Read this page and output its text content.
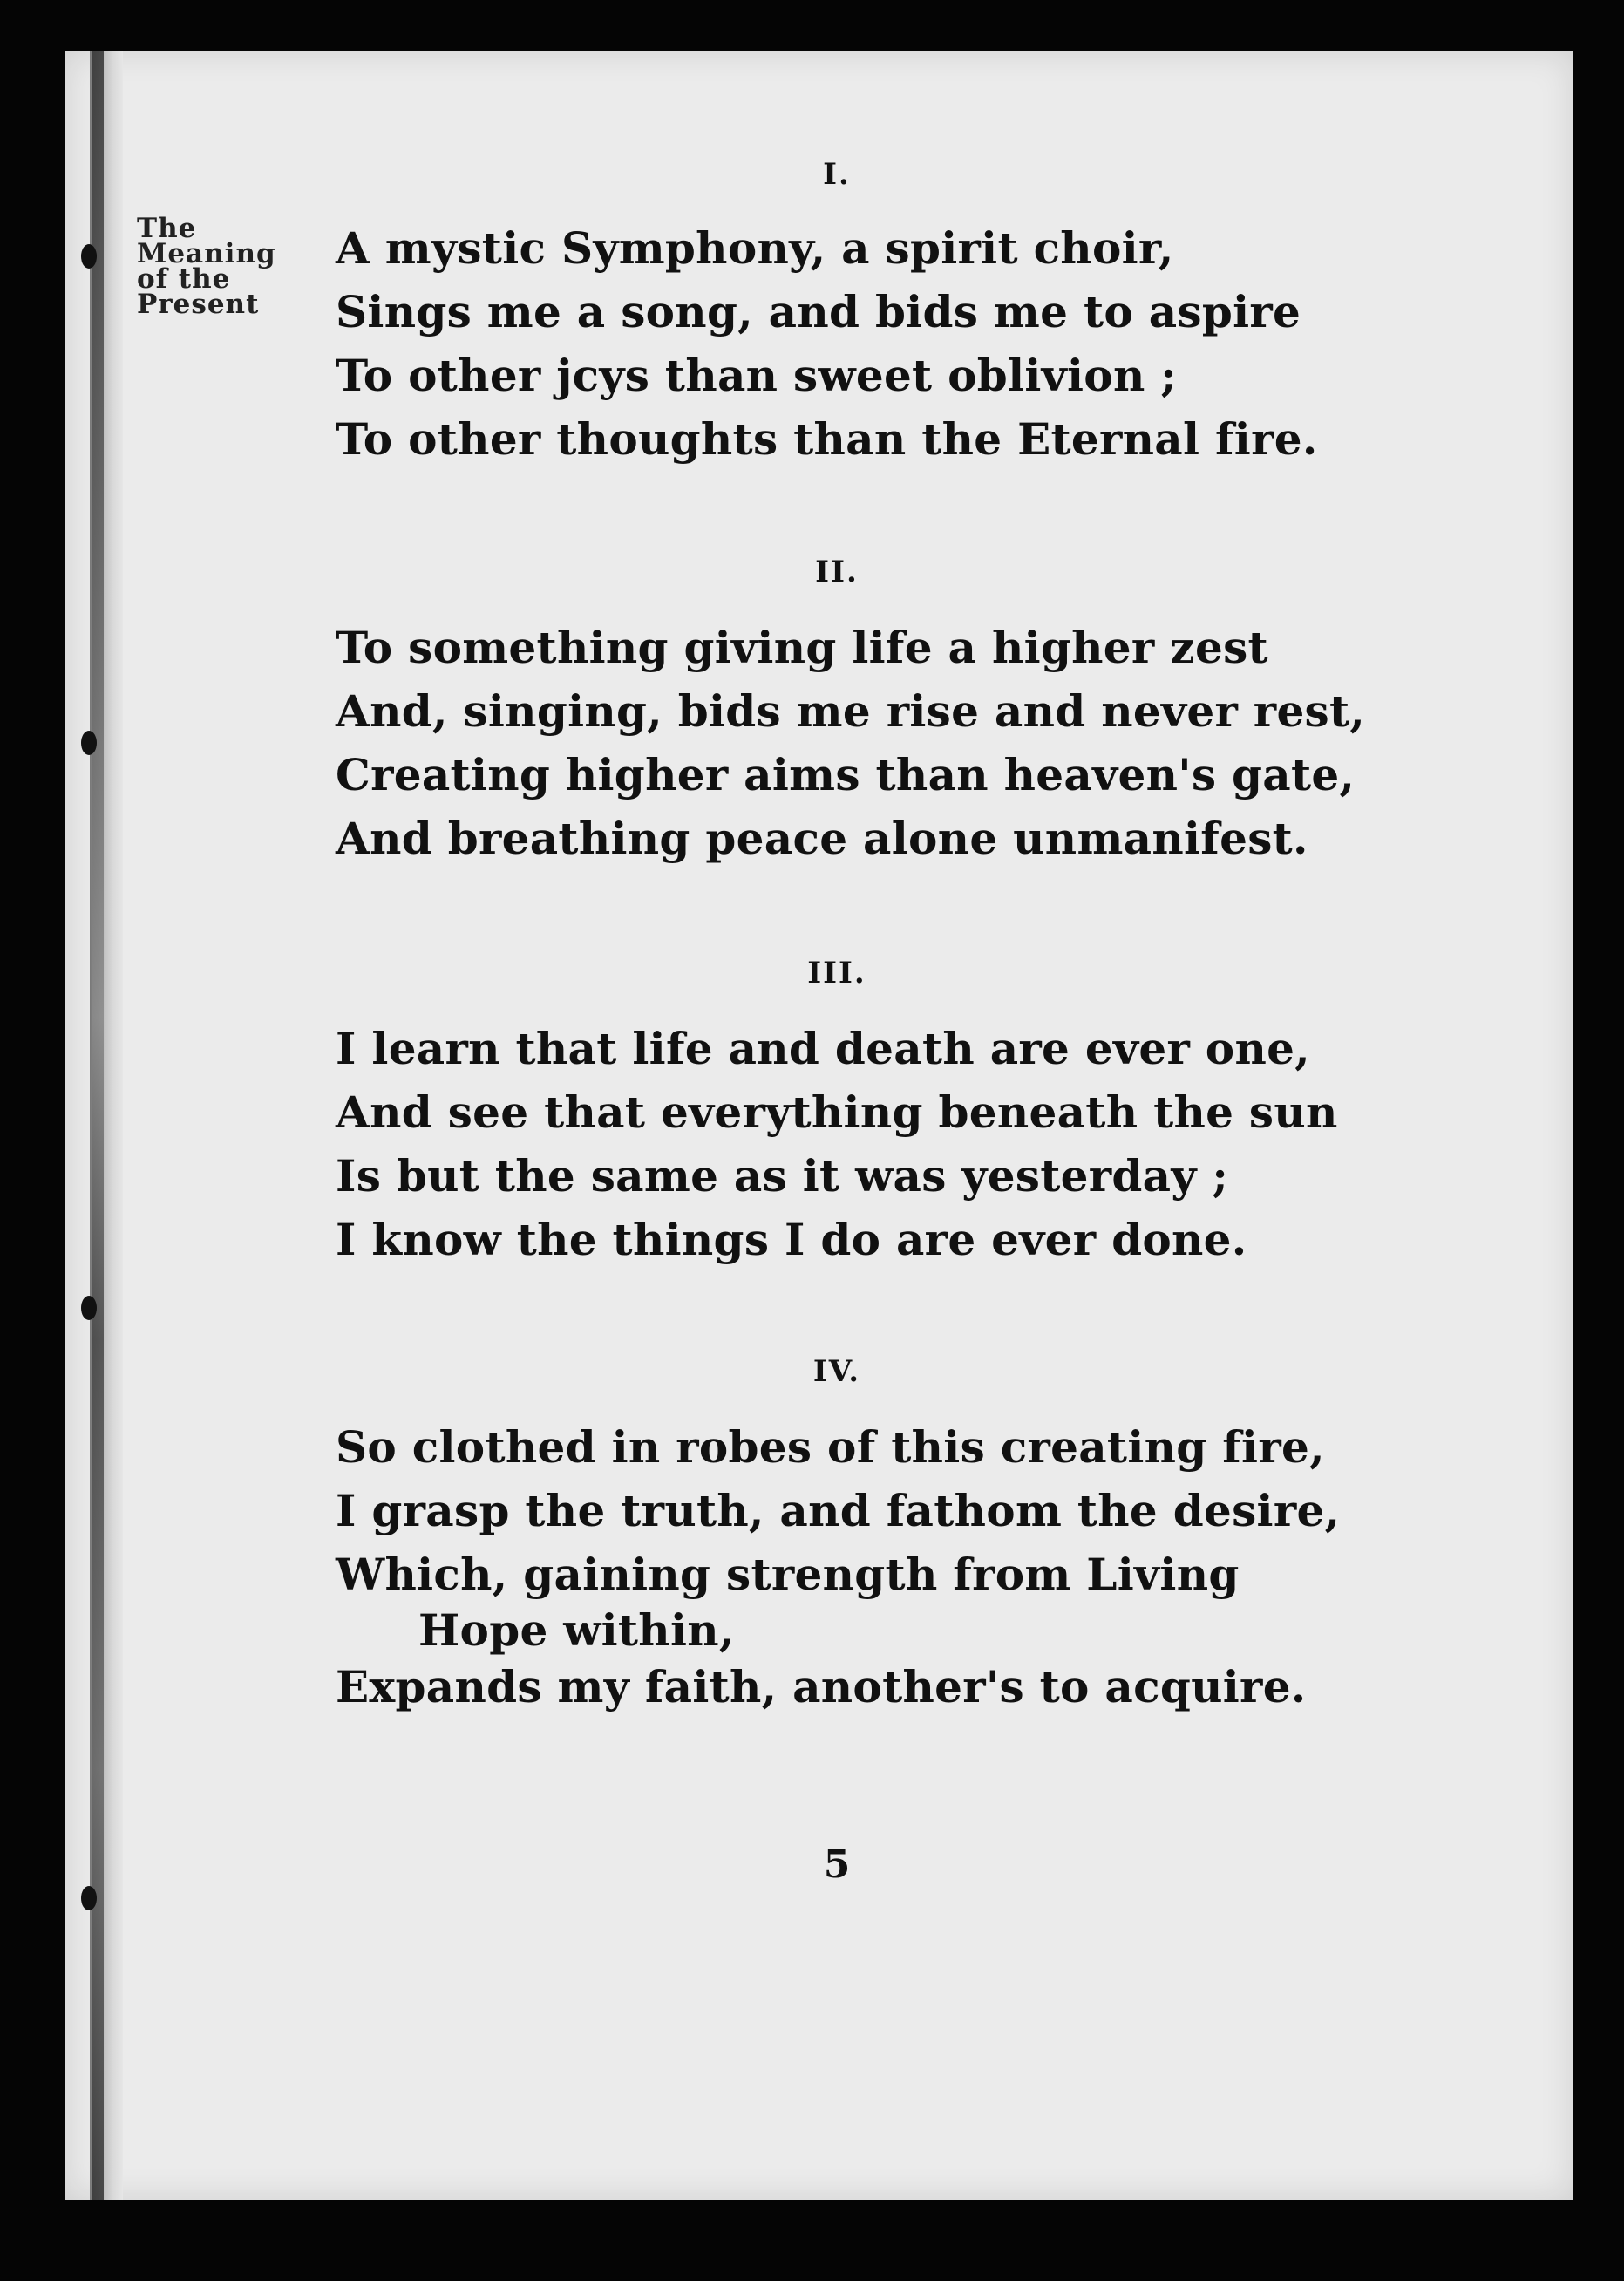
The
Meaning
of the
Present
I.
A mystic Symphony, a spirit choir,
Sings me a song, and bids me to aspire
To other jcys than sweet oblivion ;
To other thoughts than the Eternal fire.
II.
To something giving life a higher zest
And, singing, bids me rise and never rest,
Creating higher aims than heaven's gate,
And breathing peace alone unmanifest.
III.
I learn that life and death are ever one,
And see that everything beneath the sun
Is but the same as it was yesterday ;
I know the things I do are ever done.
IV.
So clothed in robes of this creating fire,
I grasp the truth, and fathom the desire,
Which, gaining strength from Living
Hope within,
Expands my faith, another's to acquire.
5
